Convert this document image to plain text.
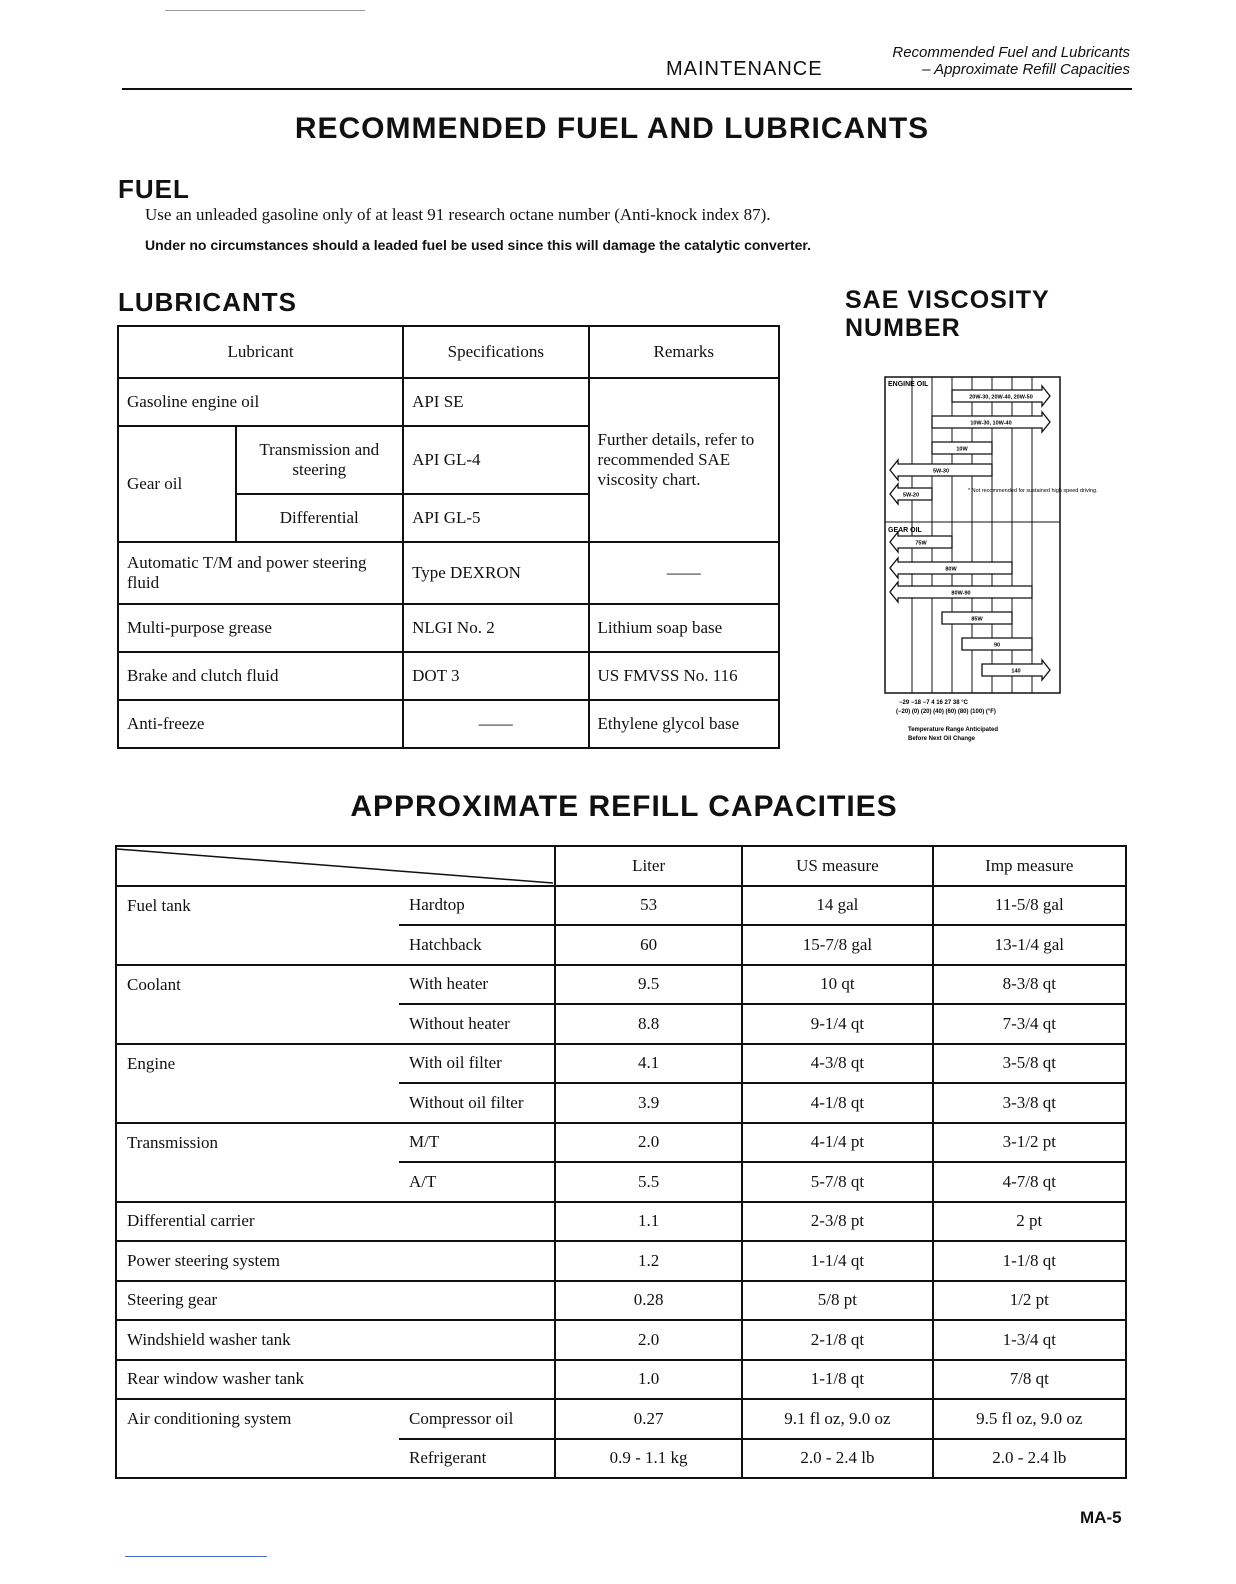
Recommended Fuel and Lubricants
MAINTENANCE	– Approximate Refill Capacities
RECOMMENDED FUEL AND LUBRICANTS
FUEL
Use an unleaded gasoline only of at least 91 research octane number (Anti-knock index 87).
Under no circumstances should a leaded fuel be used since this will damage the catalytic converter.
LUBRICANTS
Lubricant		Specifications	Remarks
Gasoline engine oil		API SE	Further details, refer to recommended SAE viscosity chart.
Gear oil	Transmission and steering	API GL-4	
	Differential	API GL-5	
Automatic T/M and power steering fluid		Type DEXRON	——
Multi-purpose grease		NLGI No. 2	Lithium soap base
Brake and clutch fluid		DOT 3	US FMVSS No. 116
Anti-freeze		——	Ethylene glycol base
SAE VISCOSITY
NUMBER
ENGINE OIL
20W-30, 20W-40, 20W-50
10W-30, 10W-40
10W
5W-30
5W-20
* Not recommended for sustained high speed driving.
GEAR OIL
75W
80W
80W-90
85W
90
140
−29 −18 −7 4 16 27 38 °C
(−20) (0) (20) (40) (60) (80) (100) (°F)
Temperature Range Anticipated
Before Next Oil Change
APPROXIMATE REFILL CAPACITIES
	Liter	US measure	Imp measure
Fuel tank	Hardtop	53	14 gal	11-5/8 gal
	Hatchback	60	15-7/8 gal	13-1/4 gal
Coolant	With heater	9.5	10 qt	8-3/8 qt
	Without heater	8.8	9-1/4 qt	7-3/4 qt
Engine	With oil filter	4.1	4-3/8 qt	3-5/8 qt
	Without oil filter	3.9	4-1/8 qt	3-3/8 qt
Transmission	M/T	2.0	4-1/4 pt	3-1/2 pt
	A/T	5.5	5-7/8 qt	4-7/8 qt
Differential carrier		1.1	2-3/8 pt	2 pt
Power steering system		1.2	1-1/4 qt	1-1/8 qt
Steering gear		0.28	5/8 pt	1/2 pt
Windshield washer tank		2.0	2-1/8 qt	1-3/4 qt
Rear window washer tank		1.0	1-1/8 qt	7/8 qt
Air conditioning system	Compressor oil	0.27	9.1 fl oz, 9.0 oz	9.5 fl oz, 9.0 oz
	Refrigerant	0.9 - 1.1 kg	2.0 - 2.4 lb	2.0 - 2.4 lb
MA-5
